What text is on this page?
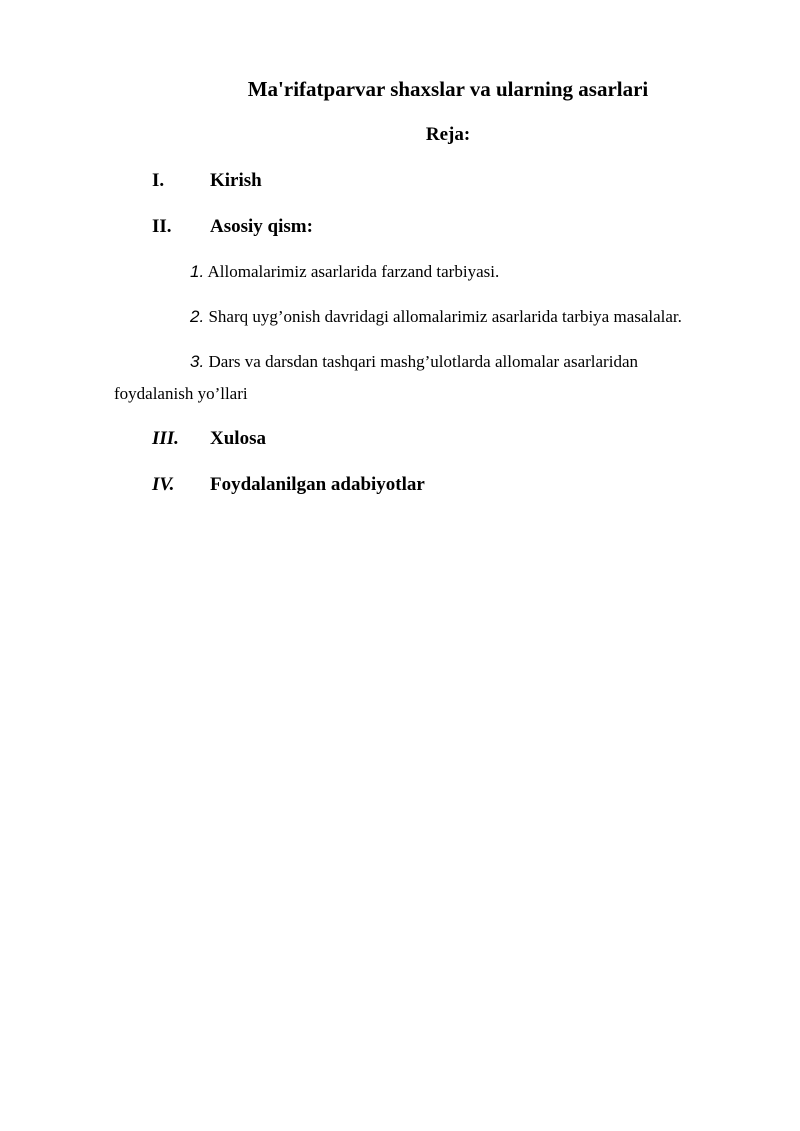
Ma'rifatparvar shaxslar va ularning asarlari
Reja:
I. Kirish
II. Asosiy qism:
1. Allomalarimiz asarlarida farzand tarbiyasi.
2. Sharq uyg’onish davridagi allomalarimiz asarlarida tarbiya masalalar.
3. Dars va darsdan tashqari mashg’ulotlarda allomalar asarlaridan
foydalanish yo’llari
III. Xulosa
IV. Foydalanilgan adabiyotlar
